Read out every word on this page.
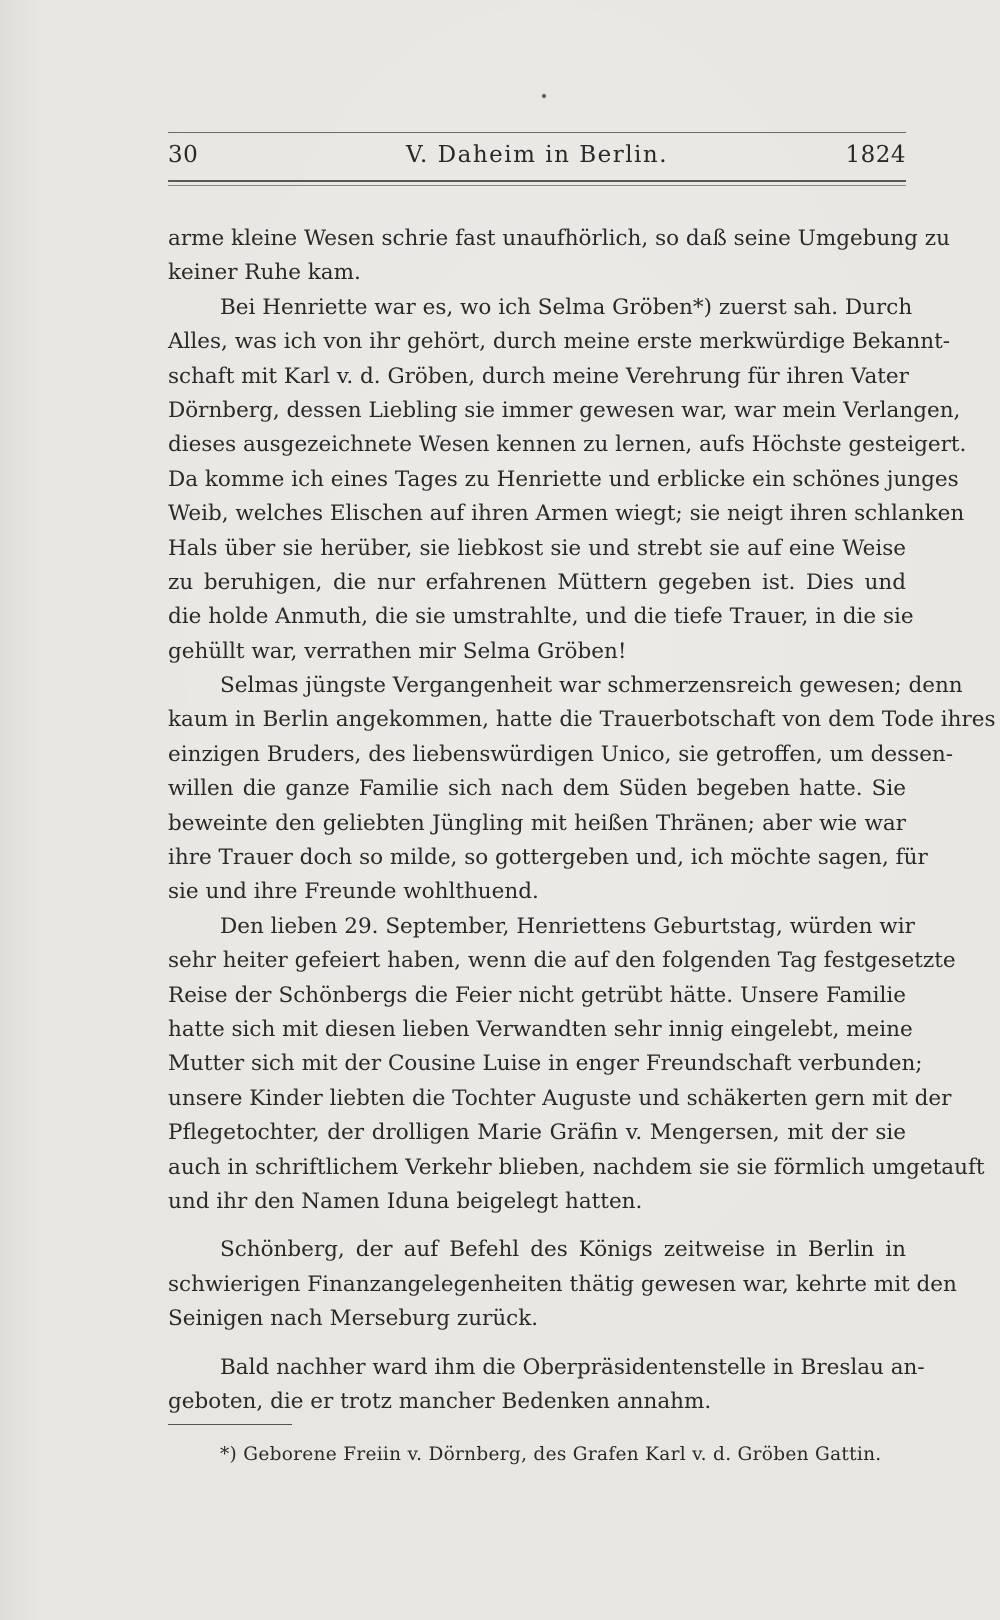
30	V. Daheim in Berlin.	1824
arme kleine Wesen schrie fast unaufhörlich, so daß seine Umgebung zu
keiner Ruhe kam.
Bei Henriette war es, wo ich Selma Gröben*) zuerst sah. Durch
Alles, was ich von ihr gehört, durch meine erste merkwürdige Bekannt-
schaft mit Karl v. d. Gröben, durch meine Verehrung für ihren Vater
Dörnberg, dessen Liebling sie immer gewesen war, war mein Verlangen,
dieses ausgezeichnete Wesen kennen zu lernen, aufs Höchste gesteigert.
Da komme ich eines Tages zu Henriette und erblicke ein schönes junges
Weib, welches Elischen auf ihren Armen wiegt; sie neigt ihren schlanken
Hals über sie herüber, sie liebkost sie und strebt sie auf eine Weise
zu beruhigen, die nur erfahrenen Müttern gegeben ist. Dies und
die holde Anmuth, die sie umstrahlte, und die tiefe Trauer, in die sie
gehüllt war, verrathen mir Selma Gröben!
Selmas jüngste Vergangenheit war schmerzensreich gewesen; denn
kaum in Berlin angekommen, hatte die Trauerbotschaft von dem Tode ihres
einzigen Bruders, des liebenswürdigen Unico, sie getroffen, um dessen-
willen die ganze Familie sich nach dem Süden begeben hatte. Sie
beweinte den geliebten Jüngling mit heißen Thränen; aber wie war
ihre Trauer doch so milde, so gottergeben und, ich möchte sagen, für
sie und ihre Freunde wohlthuend.
Den lieben 29. September, Henriettens Geburtstag, würden wir
sehr heiter gefeiert haben, wenn die auf den folgenden Tag festgesetzte
Reise der Schönbergs die Feier nicht getrübt hätte. Unsere Familie
hatte sich mit diesen lieben Verwandten sehr innig eingelebt, meine
Mutter sich mit der Cousine Luise in enger Freundschaft verbunden;
unsere Kinder liebten die Tochter Auguste und schäkerten gern mit der
Pflegetochter, der drolligen Marie Gräfin v. Mengersen, mit der sie
auch in schriftlichem Verkehr blieben, nachdem sie sie förmlich umgetauft
und ihr den Namen Iduna beigelegt hatten.
Schönberg, der auf Befehl des Königs zeitweise in Berlin in
schwierigen Finanzangelegenheiten thätig gewesen war, kehrte mit den
Seinigen nach Merseburg zurück.
Bald nachher ward ihm die Oberpräsidentenstelle in Breslau an-
geboten, die er trotz mancher Bedenken annahm.
*) Geborene Freiin v. Dörnberg, des Grafen Karl v. d. Gröben Gattin.
